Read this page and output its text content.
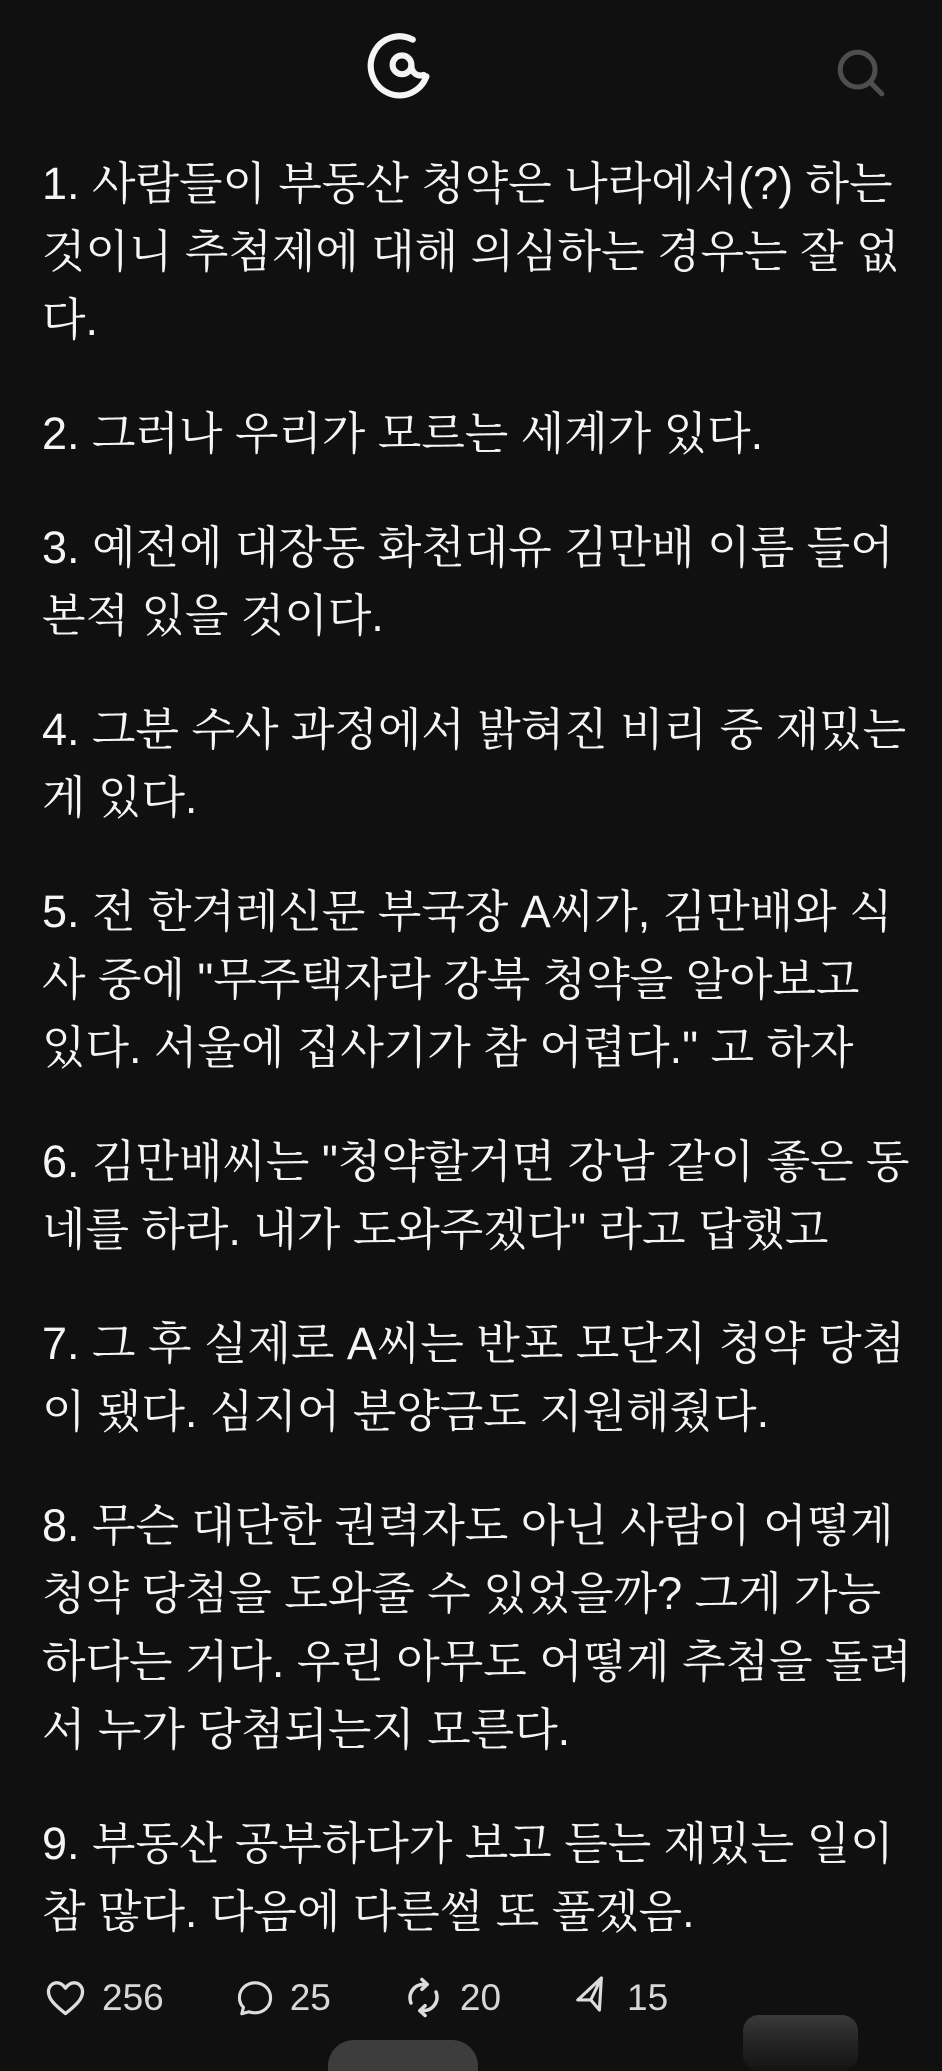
1. 사람들이 부동산 청약은 나라에서(?) 하는 것이니 추첨제에 대해 의심하는 경우는 잘 없다.

2. 그러나 우리가 모르는 세계가 있다.

3. 예전에 대장동 화천대유 김만배 이름 들어 본적 있을 것이다.

4. 그분 수사 과정에서 밝혀진 비리 중 재밌는 게 있다.

5. 전 한겨레신문 부국장 A씨가, 김만배와 식사 중에 "무주택자라 강북 청약을 알아보고 있다. 서울에 집사기가 참 어렵다." 고 하자

6. 김만배씨는 "청약할거면 강남 같이 좋은 동네를 하라. 내가 도와주겠다" 라고 답했고

7. 그 후 실제로 A씨는 반포 모단지 청약 당첨이 됐다. 심지어 분양금도 지원해줬다.

8. 무슨 대단한 권력자도 아닌 사람이 어떻게 청약 당첨을 도와줄 수 있었을까? 그게 가능하다는 거다. 우린 아무도 어떻게 추첨을 돌려서 누가 당첨되는지 모른다.

9. 부동산 공부하다가 보고 듣는 재밌는 일이 참 많다. 다음에 다른썰 또 풀겠음.

256	25	20	15
